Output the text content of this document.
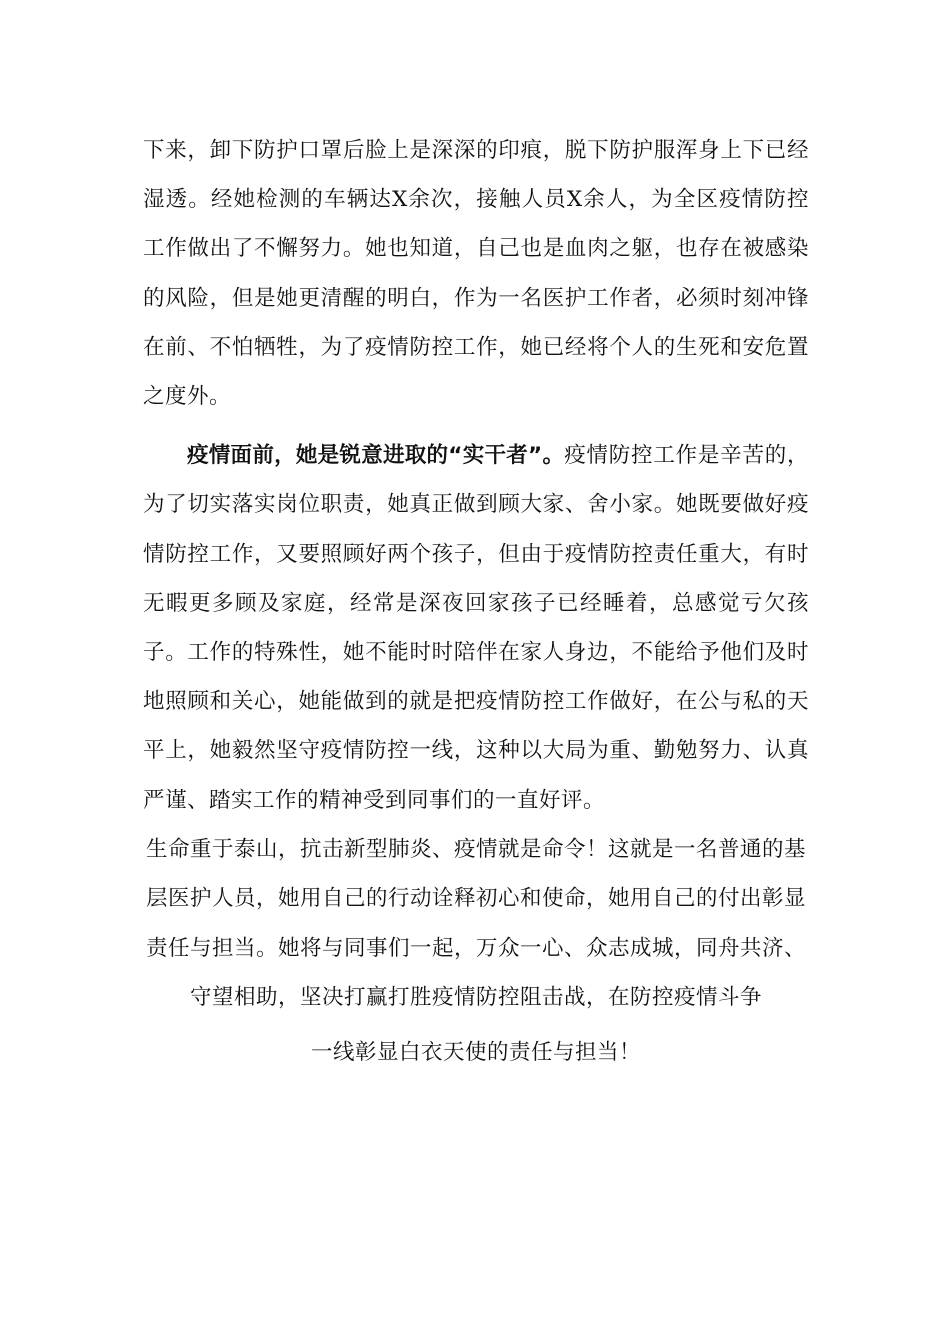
下来，卸下防护口罩后脸上是深深的印痕，脱下防护服浑身上下已经湿透。经她检测的车辆达X余次，接触人员X余人，为全区疫情防控工作做出了不懈努力。她也知道，自己也是血肉之躯，也存在被感染的风险，但是她更清醒的明白，作为一名医护工作者，必须时刻冲锋在前、不怕牺牲，为了疫情防控工作，她已经将个人的生死和安危置之度外。

疫情面前，她是锐意进取的“实干者”。疫情防控工作是辛苦的，为了切实落实岗位职责，她真正做到顾大家、舍小家。她既要做好疫情防控工作，又要照顾好两个孩子，但由于疫情防控责任重大，有时无暇更多顾及家庭，经常是深夜回家孩子已经睡着，总感觉亏欠孩子。工作的特殊性，她不能时时陪伴在家人身边，不能给予他们及时地照顾和关心，她能做到的就是把疫情防控工作做好，在公与私的天平上，她毅然坚守疫情防控一线，这种以大局为重、勤勉努力、认真严谨、踏实工作的精神受到同事们的一直好评。

生命重于泰山，抗击新型肺炎、疫情就是命令！这就是一名普通的基层医护人员，她用自己的行动诠释初心和使命，她用自己的付出彰显责任与担当。她将与同事们一起，万众一心、众志成城，同舟共济、守望相助，坚决打赢打胜疫情防控阻击战，在防控疫情斗争

一线彰显白衣天使的责任与担当！
